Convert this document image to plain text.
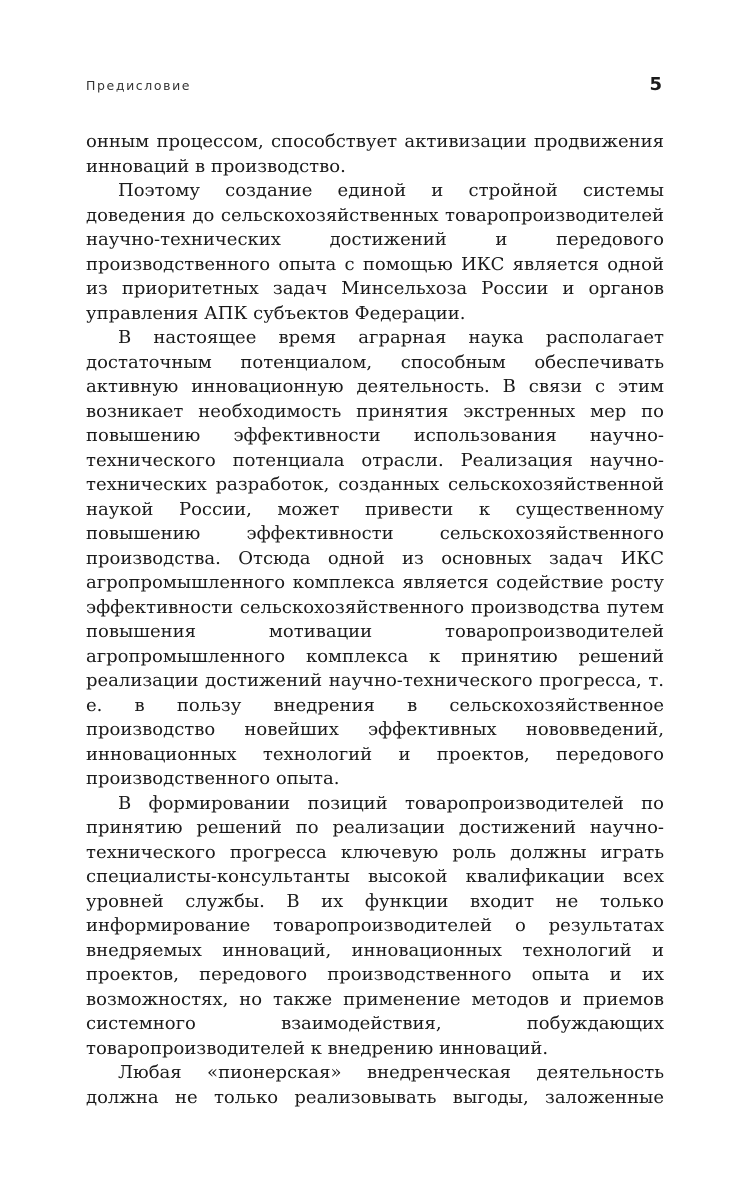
Предисловие	5

онным процессом, способствует активизации продвижения инноваций в производство.

Поэтому создание единой и стройной системы доведения до сельскохозяйственных товаропроизводителей научно-технических достижений и передового производственного опыта с помощью ИКС является одной из приоритетных задач Минсельхоза России и органов управления АПК субъектов Федерации.

В настоящее время аграрная наука располагает достаточным потенциалом, способным обеспечивать активную инновационную деятельность. В связи с этим возникает необходимость принятия экстренных мер по повышению эффективности использования научно-технического потенциала отрасли. Реализация научно-технических разработок, созданных сельскохозяйственной наукой России, может привести к существенному повышению эффективности сельскохозяйственного производства. Отсюда одной из основных задач ИКС агропромышленного комплекса является содействие росту эффективности сельскохозяйственного производства путем повышения мотивации товаропроизводителей агропромышленного комплекса к принятию решений реализации достижений научно-технического прогресса, т. е. в пользу внедрения в сельскохозяйственное производство новейших эффективных нововведений, инновационных технологий и проектов, передового производственного опыта.

В формировании позиций товаропроизводителей по принятию решений по реализации достижений научно-технического прогресса ключевую роль должны играть специалисты-консультанты высокой квалификации всех уровней службы. В их функции входит не только информирование товаропроизводителей о результатах внедряемых инноваций, инновационных технологий и проектов, передового производственного опыта и их возможностях, но также применение методов и приемов системного взаимодействия, побуждающих товаропроизводителей к внедрению инноваций.

Любая «пионерская» внедренческая деятельность должна не только реализовывать выгоды, заложенные
